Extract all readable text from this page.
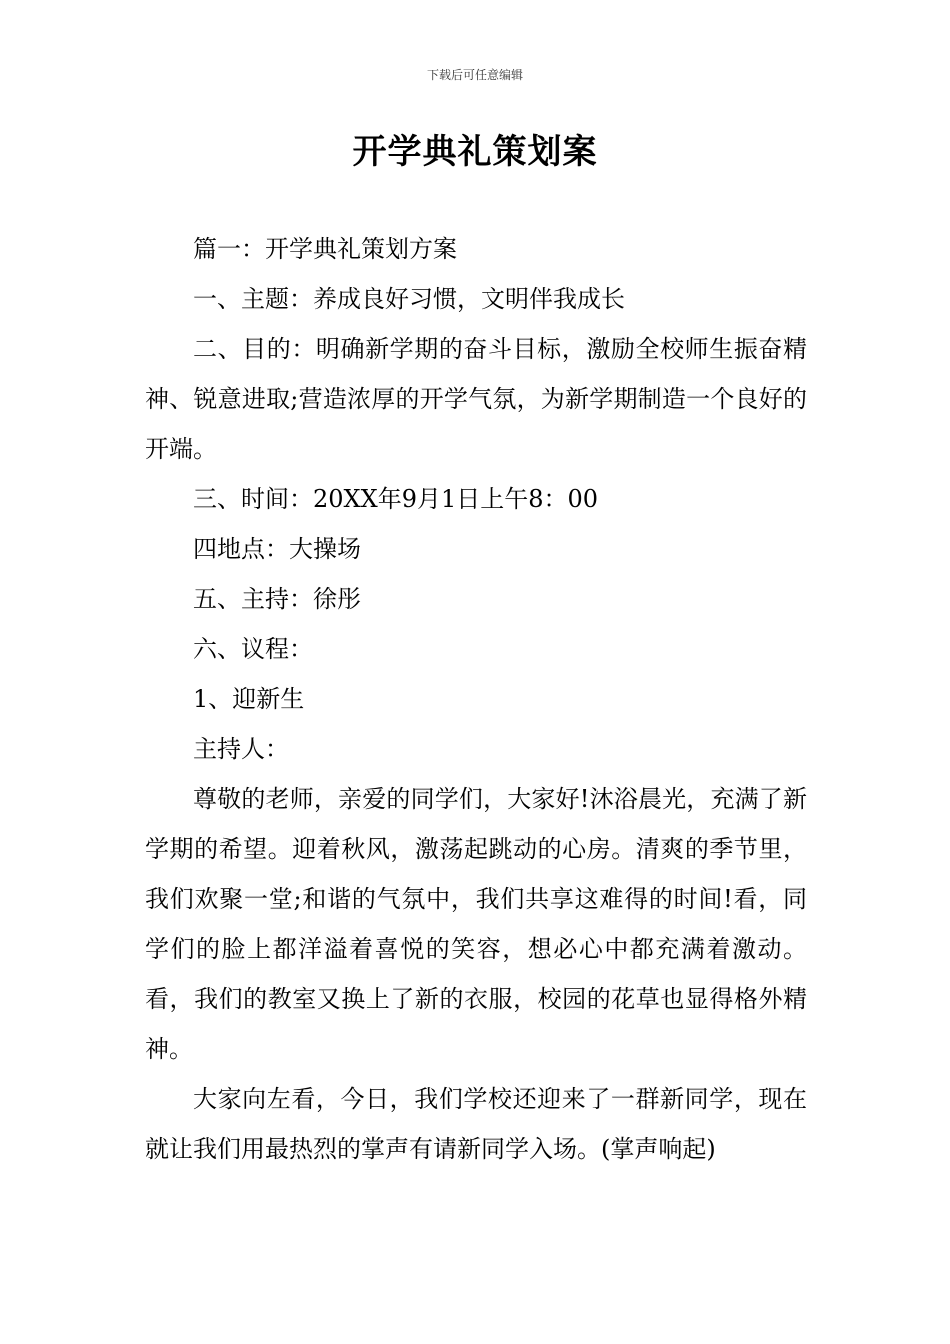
下载后可任意编辑
开学典礼策划案

篇一：开学典礼策划方案

一、主题：养成良好习惯，文明伴我成长

二、目的：明确新学期的奋斗目标，激励全校师生振奋精神、锐意进取;营造浓厚的开学气氛，为新学期制造一个良好的开端。

三、时间：20XX年9月1日上午8：00

四地点：大操场

五、主持：徐彤

六、议程：

1、迎新生

主持人：

尊敬的老师，亲爱的同学们，大家好!沐浴晨光，充满了新学期的希望。迎着秋风，激荡起跳动的心房。清爽的季节里，我们欢聚一堂;和谐的气氛中，我们共享这难得的时间!看，同学们的脸上都洋溢着喜悦的笑容，想必心中都充满着激动。看，我们的教室又换上了新的衣服，校园的花草也显得格外精神。

大家向左看，今日，我们学校还迎来了一群新同学，现在就让我们用最热烈的掌声有请新同学入场。(掌声响起)
